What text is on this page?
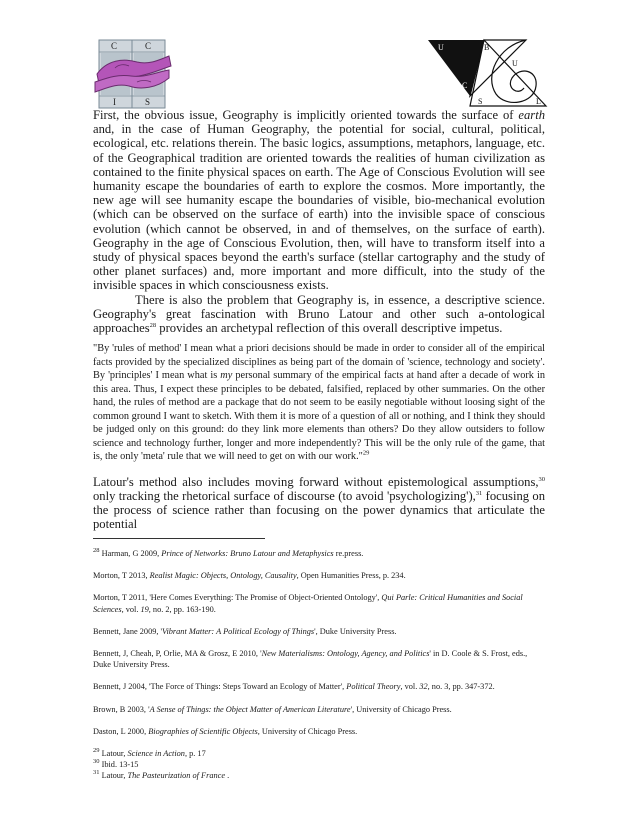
C	C
I	S
U	B
U
C
S	L

First, the obvious issue, Geography is implicitly oriented towards the surface of earth and, in the case of Human Geography, the potential for social, cultural, political, ecological, etc. relations therein. The basic logics, assumptions, metaphors, language, etc. of the Geographical tradition are oriented towards the realities of human civilization as contained to the finite physical spaces on earth. The Age of Conscious Evolution will see humanity escape the boundaries of earth to explore the cosmos. More importantly, the new age will see humanity escape the boundaries of visible, bio-mechanical evolution (which can be observed on the surface of earth) into the invisible space of conscious evolution (which cannot be observed, in and of themselves, on the surface of earth). Geography in the age of Conscious Evolution, then, will have to transform itself into a study of physical spaces beyond the earth's surface (stellar cartography and the study of other planet surfaces) and, more important and more difficult, into the study of the invisible spaces in which consciousness exists.

There is also the problem that Geography is, in essence, a descriptive science. Geography's great fascination with Bruno Latour and other such a-ontological approaches$^{28}$ provides an archetypal reflection of this overall descriptive impetus.

"By 'rules of method' I mean what a priori decisions should be made in order to consider all of the empirical facts provided by the specialized disciplines as being part of the domain of 'science, technology and society'. By 'principles' I mean what is my personal summary of the empirical facts at hand after a decade of work in this area. Thus, I expect these principles to be debated, falsified, replaced by other summaries. On the other hand, the rules of method are a package that do not seem to be easily negotiable without loosing sight of the common ground I want to sketch. With them it is more of a question of all or nothing, and I think they should be judged only on this ground: do they link more elements than others? Do they allow outsiders to follow science and technology further, longer and more independently? This will be the only rule of the game, that is, the only 'meta' rule that we will need to get on with our work."$^{29}$

Latour's method also includes moving forward without epistemological assumptions,$^{30}$ only tracking the rhetorical surface of discourse (to avoid 'psychologizing'),$^{31}$ focusing on the process of science rather than focusing on the power dynamics that articulate the potential

$^{28}$ Harman, G 2009, Prince of Networks: Bruno Latour and Metaphysics re.press.

Morton, T 2013, Realist Magic: Objects, Ontology, Causality, Open Humanities Press, p. 234.

Morton, T 2011, 'Here Comes Everything: The Promise of Object-Oriented Ontology', Qui Parle: Critical Humanities and Social Sciences, vol. 19, no. 2, pp. 163-190.

Bennett, Jane 2009, 'Vibrant Matter: A Political Ecology of Things', Duke University Press.

Bennett, J, Cheah, P, Orlie, MA & Grosz, E 2010, 'New Materialisms: Ontology, Agency, and Politics' in D. Coole & S. Frost, eds., Duke University Press.

Bennett, J 2004, 'The Force of Things: Steps Toward an Ecology of Matter', Political Theory, vol. 32, no. 3, pp. 347-372.

Brown, B 2003, 'A Sense of Things: the Object Matter of American Literature', University of Chicago Press.

Daston, L 2000, Biographies of Scientific Objects, University of Chicago Press.

$^{29}$ Latour, Science in Action, p. 17

$^{30}$ Ibid. 13-15

$^{31}$ Latour, The Pasteurization of France .
